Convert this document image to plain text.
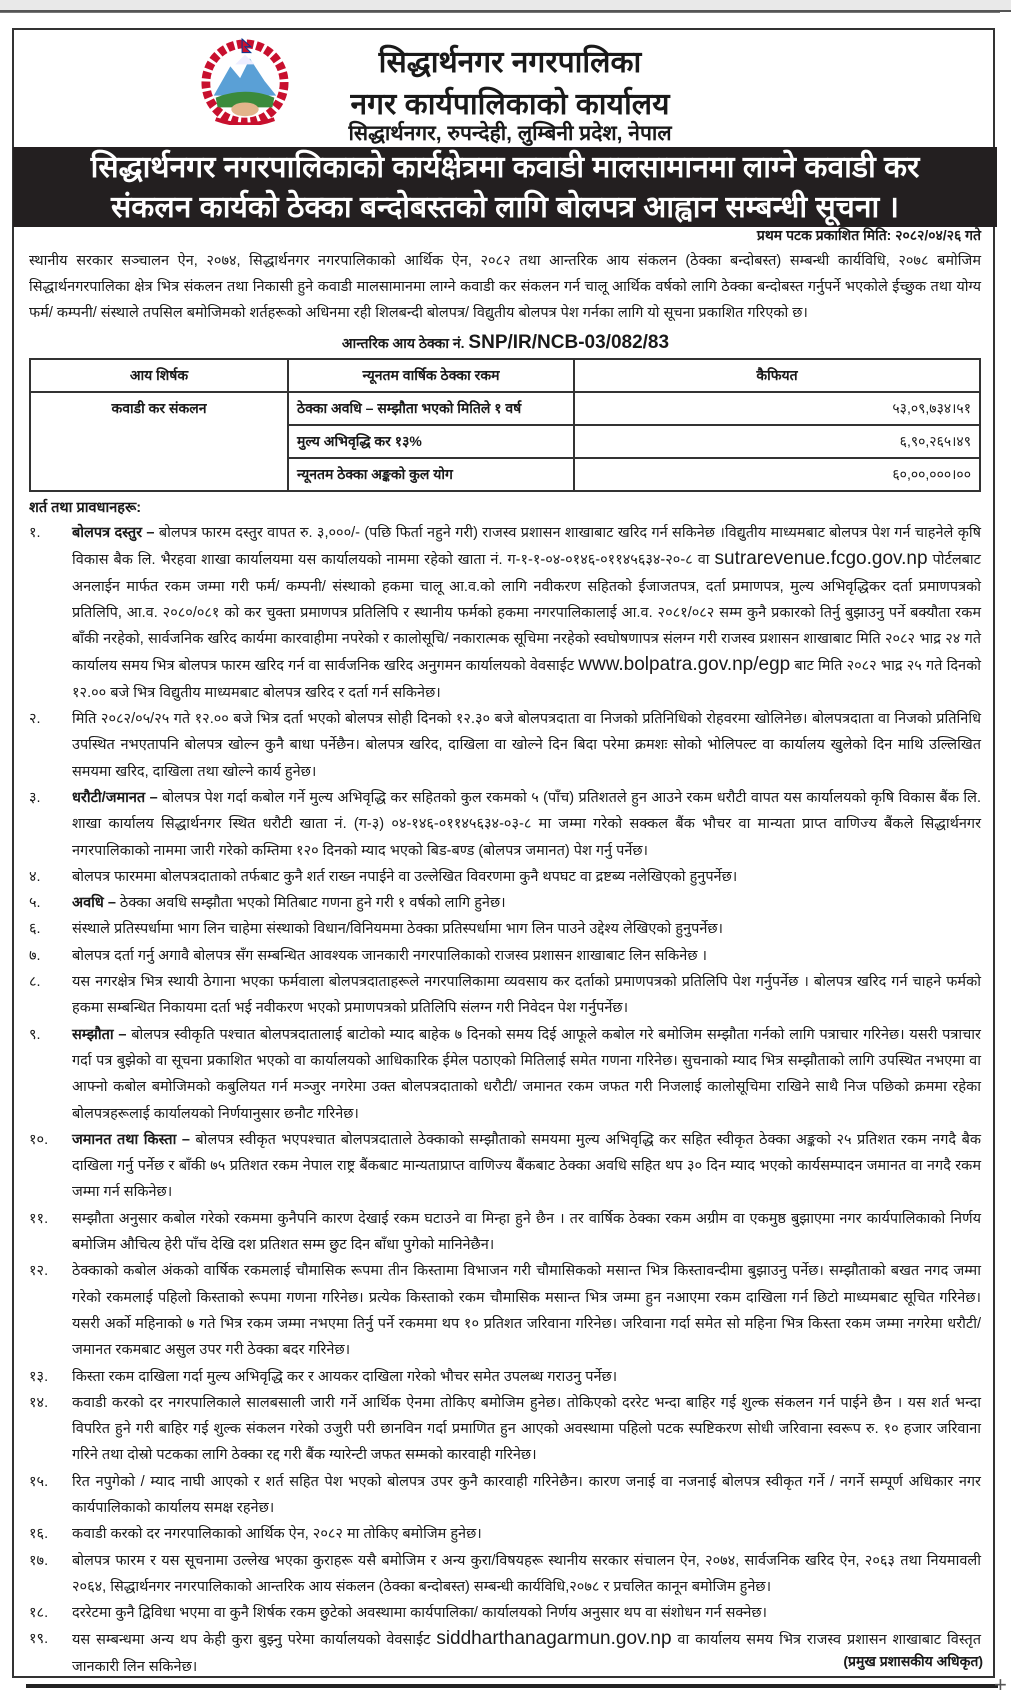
सिद्धार्थनगर नगरपालिका
नगर कार्यपालिकाको कार्यालय
सिद्धार्थनगर, रुपन्देही, लुम्बिनी प्रदेश, नेपाल
सिद्धार्थनगर नगरपालिकाको कार्यक्षेत्रमा कवाडी मालसामानमा लाग्ने कवाडी कर
संकलन कार्यको ठेक्का बन्दोबस्तको लागि बोलपत्र आह्वान सम्बन्धी सूचना ।
प्रथम पटक प्रकाशित मिति: २०८२/०४/२६ गते
स्थानीय सरकार सञ्चालन ऐन, २०७४, सिद्धार्थनगर नगरपालिकाको आर्थिक ऐन, २०८२ तथा आन्तरिक आय संकलन (ठेक्का बन्दोबस्त) सम्बन्धी कार्यविधि, २०७८ बमोजिम सिद्धार्थनगरपालिका क्षेत्र भित्र संकलन तथा निकासी हुने कवाडी मालसामानमा लाग्ने कवाडी कर संकलन गर्न चालू आर्थिक वर्षको लागि ठेक्का बन्दोबस्त गर्नुपर्ने भएकोले ईच्छुक तथा योग्य फर्म/ कम्पनी/ संस्थाले तपसिल बमोजिमको शर्तहरूको अधिनमा रही शिलबन्दी बोलपत्र/ विद्युतीय बोलपत्र पेश गर्नका लागि यो सूचना प्रकाशित गरिएको छ।
आन्तरिक आय ठेक्का नं. SNP/IR/NCB-03/082/83
आय शिर्षक	न्यूनतम वार्षिक ठेक्का रकम	कैफियत
कवाडी कर संकलन	ठेक्का अवधि – सम्झौता भएको मितिले १ वर्ष	५३,०९,७३४।५१
	मुल्य अभिवृद्धि कर १३%	६,९०,२६५।४९
	न्यूनतम ठेक्का अङ्कको कुल योग	६०,००,०००।००
शर्त तथा प्रावधानहरू:
१.	बोलपत्र दस्तुर – बोलपत्र फारम दस्तुर वापत रु. ३,०००/- (पछि फिर्ता नहुने गरी) राजस्व प्रशासन शाखाबाट खरिद गर्न सकिनेछ ।विद्युतीय माध्यमबाट बोलपत्र पेश गर्न चाहनेले कृषि विकास बैक लि. भैरहवा शाखा कार्यालयमा यस कार्यालयको नाममा रहेको खाता नं. ग-१-१-०४-०१४६-०११४५६३४-२०-८ वा sutrarevenue.fcgo.gov.np पोर्टलबाट अनलाईन मार्फत रकम जम्मा गरी फर्म/ कम्पनी/ संस्थाको हकमा चालू आ.व.को लागि नवीकरण सहितको ईजाजतपत्र, दर्ता प्रमाणपत्र, मुल्य अभिवृद्धिकर दर्ता प्रमाणपत्रको प्रतिलिपि, आ.व. २०८०/०८१ को कर चुक्ता प्रमाणपत्र प्रतिलिपि र स्थानीय फर्मको हकमा नगरपालिकालाई आ.व. २०८१/०८२ सम्म कुनै प्रकारको तिर्नु बुझाउनु पर्ने बक्यौता रकम बाँकी नरहेको, सार्वजनिक खरिद कार्यमा कारवाहीमा नपरेको र कालोसूचि/ नकारात्मक सूचिमा नरहेको स्वघोषणापत्र संलग्न गरी राजस्व प्रशासन शाखाबाट मिति २०८२ भाद्र २४ गते कार्यालय समय भित्र बोलपत्र फारम खरिद गर्न वा सार्वजनिक खरिद अनुगमन कार्यालयको वेवसाईट www.bolpatra.gov.np/egp बाट मिति २०८२ भाद्र २५ गते दिनको १२.०० बजे भित्र विद्युतीय माध्यमबाट बोलपत्र खरिद र दर्ता गर्न सकिनेछ।
२.	मिति २०८२/०५/२५ गते १२.०० बजे भित्र दर्ता भएको बोलपत्र सोही दिनको १२.३० बजे बोलपत्रदाता वा निजको प्रतिनिधिको रोहवरमा खोलिनेछ। बोलपत्रदाता वा निजको प्रतिनिधि उपस्थित नभएतापनि बोलपत्र खोल्न कुनै बाधा पर्नेछैन। बोलपत्र खरिद, दाखिला वा खोल्ने दिन बिदा परेमा क्रमशः सोको भोलिपल्ट वा कार्यालय खुलेको दिन माथि उल्लिखित समयमा खरिद, दाखिला तथा खोल्ने कार्य हुनेछ।
३.	धरौटी/जमानत – बोलपत्र पेश गर्दा कबोल गर्ने मुल्य अभिवृद्धि कर सहितको कुल रकमको ५ (पाँच) प्रतिशतले हुन आउने रकम धरौटी वापत यस कार्यालयको कृषि विकास बैंक लि. शाखा कार्यालय सिद्धार्थनगर स्थित धरौटी खाता नं. (ग-३) ०४-१४६-०११४५६३४-०३-८ मा जम्मा गरेको सक्कल बैंक भौचर वा मान्यता प्राप्त वाणिज्य बैंकले सिद्धार्थनगर नगरपालिकाको नाममा जारी गरेको कम्तिमा १२० दिनको म्याद भएको बिड-बण्ड (बोलपत्र जमानत) पेश गर्नु पर्नेछ।
४.	बोलपत्र फारममा बोलपत्रदाताको तर्फबाट कुनै शर्त राख्न नपाईने वा उल्लेखित विवरणमा कुनै थपघट वा द्रष्टब्य नलेखिएको हुनुपर्नेछ।
५.	अवधि – ठेक्का अवधि सम्झौता भएको मितिबाट गणना हुने गरी १ वर्षको लागि हुनेछ।
६.	संस्थाले प्रतिस्पर्धामा भाग लिन चाहेमा संस्थाको विधान/विनियममा ठेक्का प्रतिस्पर्धामा भाग लिन पाउने उद्देश्य लेखिएको हुनुपर्नेछ।
७.	बोलपत्र दर्ता गर्नु अगावै बोलपत्र सँग सम्बन्धित आवश्यक जानकारी नगरपालिकाको राजस्व प्रशासन शाखाबाट लिन सकिनेछ ।
८.	यस नगरक्षेत्र भित्र स्थायी ठेगाना भएका फर्मवाला बोलपत्रदाताहरूले नगरपालिकामा व्यवसाय कर दर्ताको प्रमाणपत्रको प्रतिलिपि पेश गर्नुपर्नेछ । बोलपत्र खरिद गर्न चाहने फर्मको हकमा सम्बन्धित निकायमा दर्ता भई नवीकरण भएको प्रमाणपत्रको प्रतिलिपि संलग्न गरी निवेदन पेश गर्नुपर्नेछ।
९.	सम्झौता – बोलपत्र स्वीकृति पश्चात बोलपत्रदातालाई बाटोको म्याद बाहेक ७ दिनको समय दिई आफूले कबोल गरे बमोजिम सम्झौता गर्नको लागि पत्राचार गरिनेछ। यसरी पत्राचार गर्दा पत्र बुझेको वा सूचना प्रकाशित भएको वा कार्यालयको आधिकारिक ईमेल पठाएको मितिलाई समेत गणना गरिनेछ। सुचनाको म्याद भित्र सम्झौताको लागि उपस्थित नभएमा वा आफ्नो कबोल बमोजिमको कबुलियत गर्न मञ्जुर नगरेमा उक्त बोलपत्रदाताको धरौटी/ जमानत रकम जफत गरी निजलाई कालोसूचिमा राखिने साथै निज पछिको क्रममा रहेका बोलपत्रहरूलाई कार्यालयको निर्णयानुसार छनौट गरिनेछ।
१०.	जमानत तथा किस्ता – बोलपत्र स्वीकृत भएपश्चात बोलपत्रदाताले ठेक्काको सम्झौताको समयमा मुल्य अभिवृद्धि कर सहित स्वीकृत ठेक्का अङ्कको २५ प्रतिशत रकम नगदै बैक दाखिला गर्नु पर्नेछ र बाँकी ७५ प्रतिशत रकम नेपाल राष्ट्र बैंकबाट मान्यताप्राप्त वाणिज्य बैंकबाट ठेक्का अवधि सहित थप ३० दिन म्याद भएको कार्यसम्पादन जमानत वा नगदै रकम जम्मा गर्न सकिनेछ।
११.	सम्झौता अनुसार कबोल गरेको रकममा कुनैपनि कारण देखाई रकम घटाउने वा मिन्हा हुने छैन । तर वार्षिक ठेक्का रकम अग्रीम वा एकमुष्ठ बुझाएमा नगर कार्यपालिकाको निर्णय बमोजिम औचित्य हेरी पाँच देखि दश प्रतिशत सम्म छुट दिन बाँधा पुगेको मानिनेछैन।
१२.	ठेक्काको कबोल अंकको वार्षिक रकमलाई चौमासिक रूपमा तीन किस्तामा विभाजन गरी चौमासिकको मसान्त भित्र किस्तावन्दीमा बुझाउनु पर्नेछ। सम्झौताको बखत नगद जम्मा गरेको रकमलाई पहिलो किस्ताको रूपमा गणना गरिनेछ। प्रत्येक किस्ताको रकम चौमासिक मसान्त भित्र जम्मा हुन नआएमा रकम दाखिला गर्न छिटो माध्यमबाट सूचित गरिनेछ। यसरी अर्को महिनाको ७ गते भित्र रकम जम्मा नभएमा तिर्नु पर्ने रकममा थप १० प्रतिशत जरिवाना गरिनेछ। जरिवाना गर्दा समेत सो महिना भित्र किस्ता रकम जम्मा नगरेमा धरौटी/जमानत रकमबाट असुल उपर गरी ठेक्का बदर गरिनेछ।
१३.	किस्ता रकम दाखिला गर्दा मुल्य अभिवृद्धि कर र आयकर दाखिला गरेको भौचर समेत उपलब्ध गराउनु पर्नेछ।
१४.	कवाडी करको दर नगरपालिकाले सालबसाली जारी गर्ने आर्थिक ऐनमा तोकिए बमोजिम हुनेछ। तोकिएको दररेट भन्दा बाहिर गई शुल्क संकलन गर्न पाईने छैन । यस शर्त भन्दा विपरित हुने गरी बाहिर गई शुल्क संकलन गरेको उजुरी परी छानविन गर्दा प्रमाणित हुन आएको अवस्थामा पहिलो पटक स्पष्टिकरण सोधी जरिवाना स्वरूप रु. १० हजार जरिवाना गरिने तथा दोस्रो पटकका लागि ठेक्का रद्द गरी बैंक ग्यारेन्टी जफत सम्मको कारवाही गरिनेछ।
१५.	रित नपुगेको / म्याद नाघी आएको र शर्त सहित पेश भएको बोलपत्र उपर कुनै कारवाही गरिनेछैन। कारण जनाई वा नजनाई बोलपत्र स्वीकृत गर्ने / नगर्ने सम्पूर्ण अधिकार नगर कार्यपालिकाको कार्यालय समक्ष रहनेछ।
१६.	कवाडी करको दर नगरपालिकाको आर्थिक ऐन, २०८२ मा तोकिए बमोजिम हुनेछ।
१७.	बोलपत्र फारम र यस सूचनामा उल्लेख भएका कुराहरू यसै बमोजिम र अन्य कुरा/विषयहरू स्थानीय सरकार संचालन ऐन, २०७४, सार्वजनिक खरिद ऐन, २०६३ तथा नियमावली २०६४, सिद्धार्थनगर नगरपालिकाको आन्तरिक आय संकलन (ठेक्का बन्दोबस्त) सम्बन्धी कार्यविधि,२०७८ र प्रचलित कानून बमोजिम हुनेछ।
१८.	दररेटमा कुनै द्विविधा भएमा वा कुनै शिर्षक रकम छुटेको अवस्थामा कार्यपालिका/ कार्यालयको निर्णय अनुसार थप वा संशोधन गर्न सक्नेछ।
१९.	यस सम्बन्धमा अन्य थप केही कुरा बुझ्नु परेमा कार्यालयको वेवसाईट siddharthanagarmun.gov.np वा कार्यालय समय भित्र राजस्व प्रशासन शाखाबाट विस्तृत जानकारी लिन सकिनेछ।	(प्रमुख प्रशासकीय अधिकृत)
+
